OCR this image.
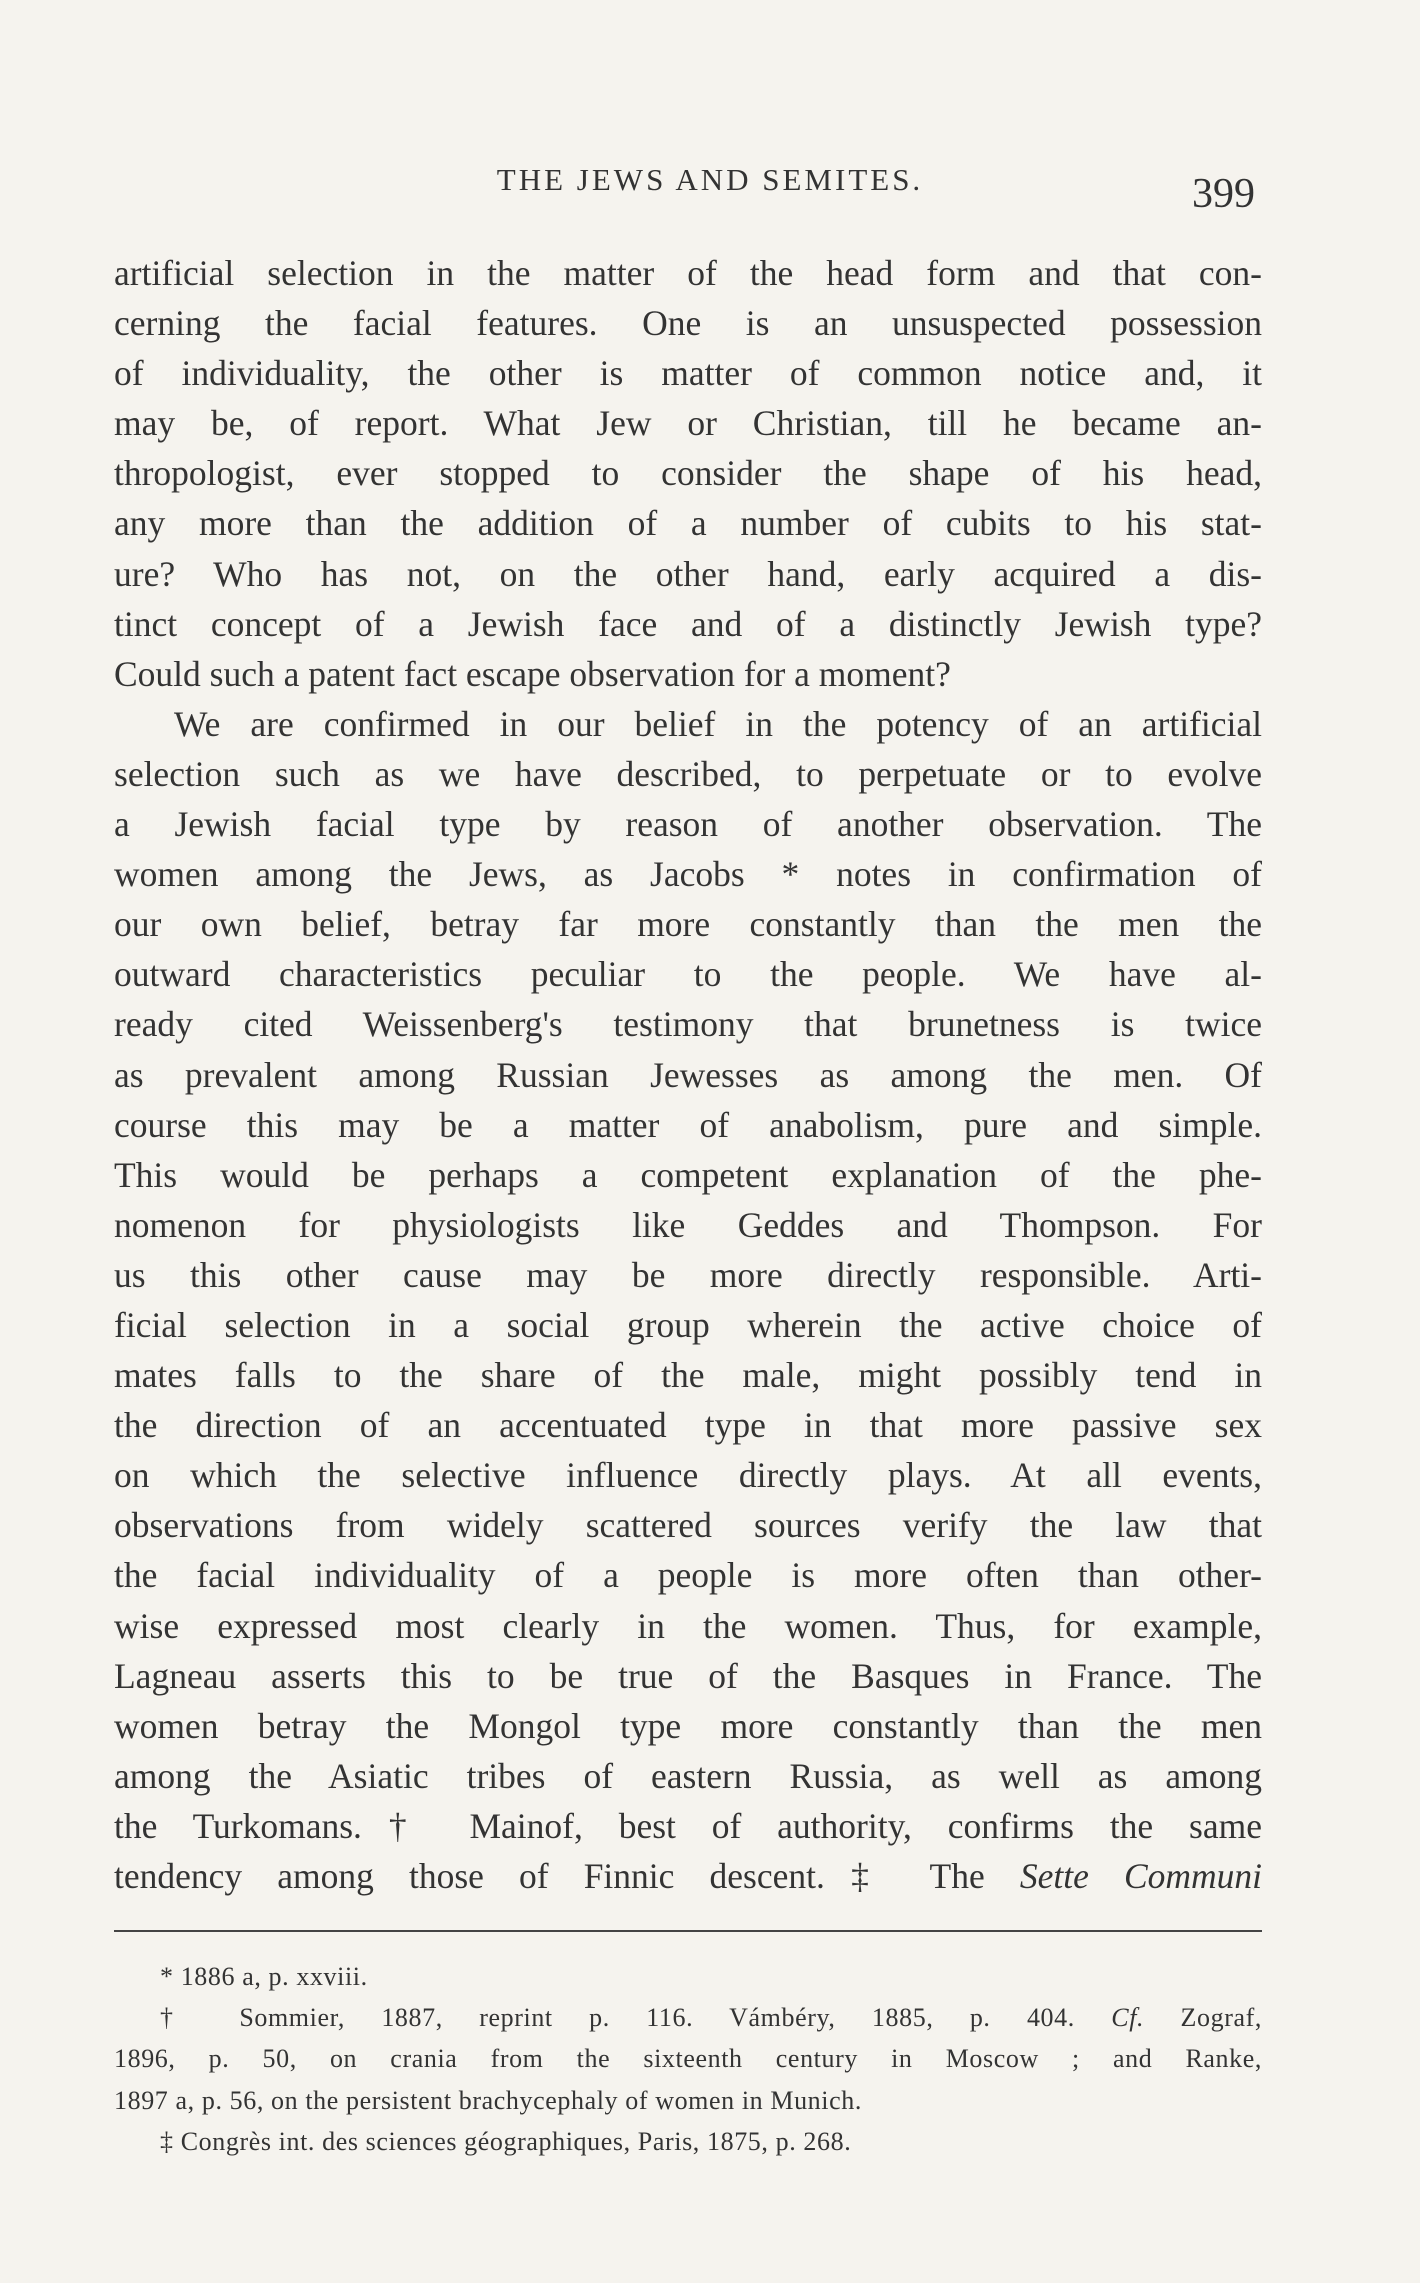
THE JEWS AND SEMITES.	399
artificial selection in the matter of the head form and that con-
cerning the facial features. One is an unsuspected possession
of individuality, the other is matter of common notice and, it
may be, of report. What Jew or Christian, till he became an-
thropologist, ever stopped to consider the shape of his head,
any more than the addition of a number of cubits to his stat-
ure? Who has not, on the other hand, early acquired a dis-
tinct concept of a Jewish face and of a distinctly Jewish type?
Could such a patent fact escape observation for a moment?
We are confirmed in our belief in the potency of an artificial
selection such as we have described, to perpetuate or to evolve
a Jewish facial type by reason of another observation. The
women among the Jews, as Jacobs * notes in confirmation of
our own belief, betray far more constantly than the men the
outward characteristics peculiar to the people. We have al-
ready cited Weissenberg's testimony that brunetness is twice
as prevalent among Russian Jewesses as among the men. Of
course this may be a matter of anabolism, pure and simple.
This would be perhaps a competent explanation of the phe-
nomenon for physiologists like Geddes and Thompson. For
us this other cause may be more directly responsible. Arti-
ficial selection in a social group wherein the active choice of
mates falls to the share of the male, might possibly tend in
the direction of an accentuated type in that more passive sex
on which the selective influence directly plays. At all events,
observations from widely scattered sources verify the law that
the facial individuality of a people is more often than other-
wise expressed most clearly in the women. Thus, for example,
Lagneau asserts this to be true of the Basques in France. The
women betray the Mongol type more constantly than the men
among the Asiatic tribes of eastern Russia, as well as among
the Turkomans.† Mainof, best of authority, confirms the same
tendency among those of Finnic descent.‡ The Sette Communi
* 1886 a, p. xxviii.
† Sommier, 1887, reprint p. 116. Vámbéry, 1885, p. 404. Cf. Zograf,
1896, p. 50, on crania from the sixteenth century in Moscow ; and Ranke,
1897 a, p. 56, on the persistent brachycephaly of women in Munich.
‡ Congrès int. des sciences géographiques, Paris, 1875, p. 268.
